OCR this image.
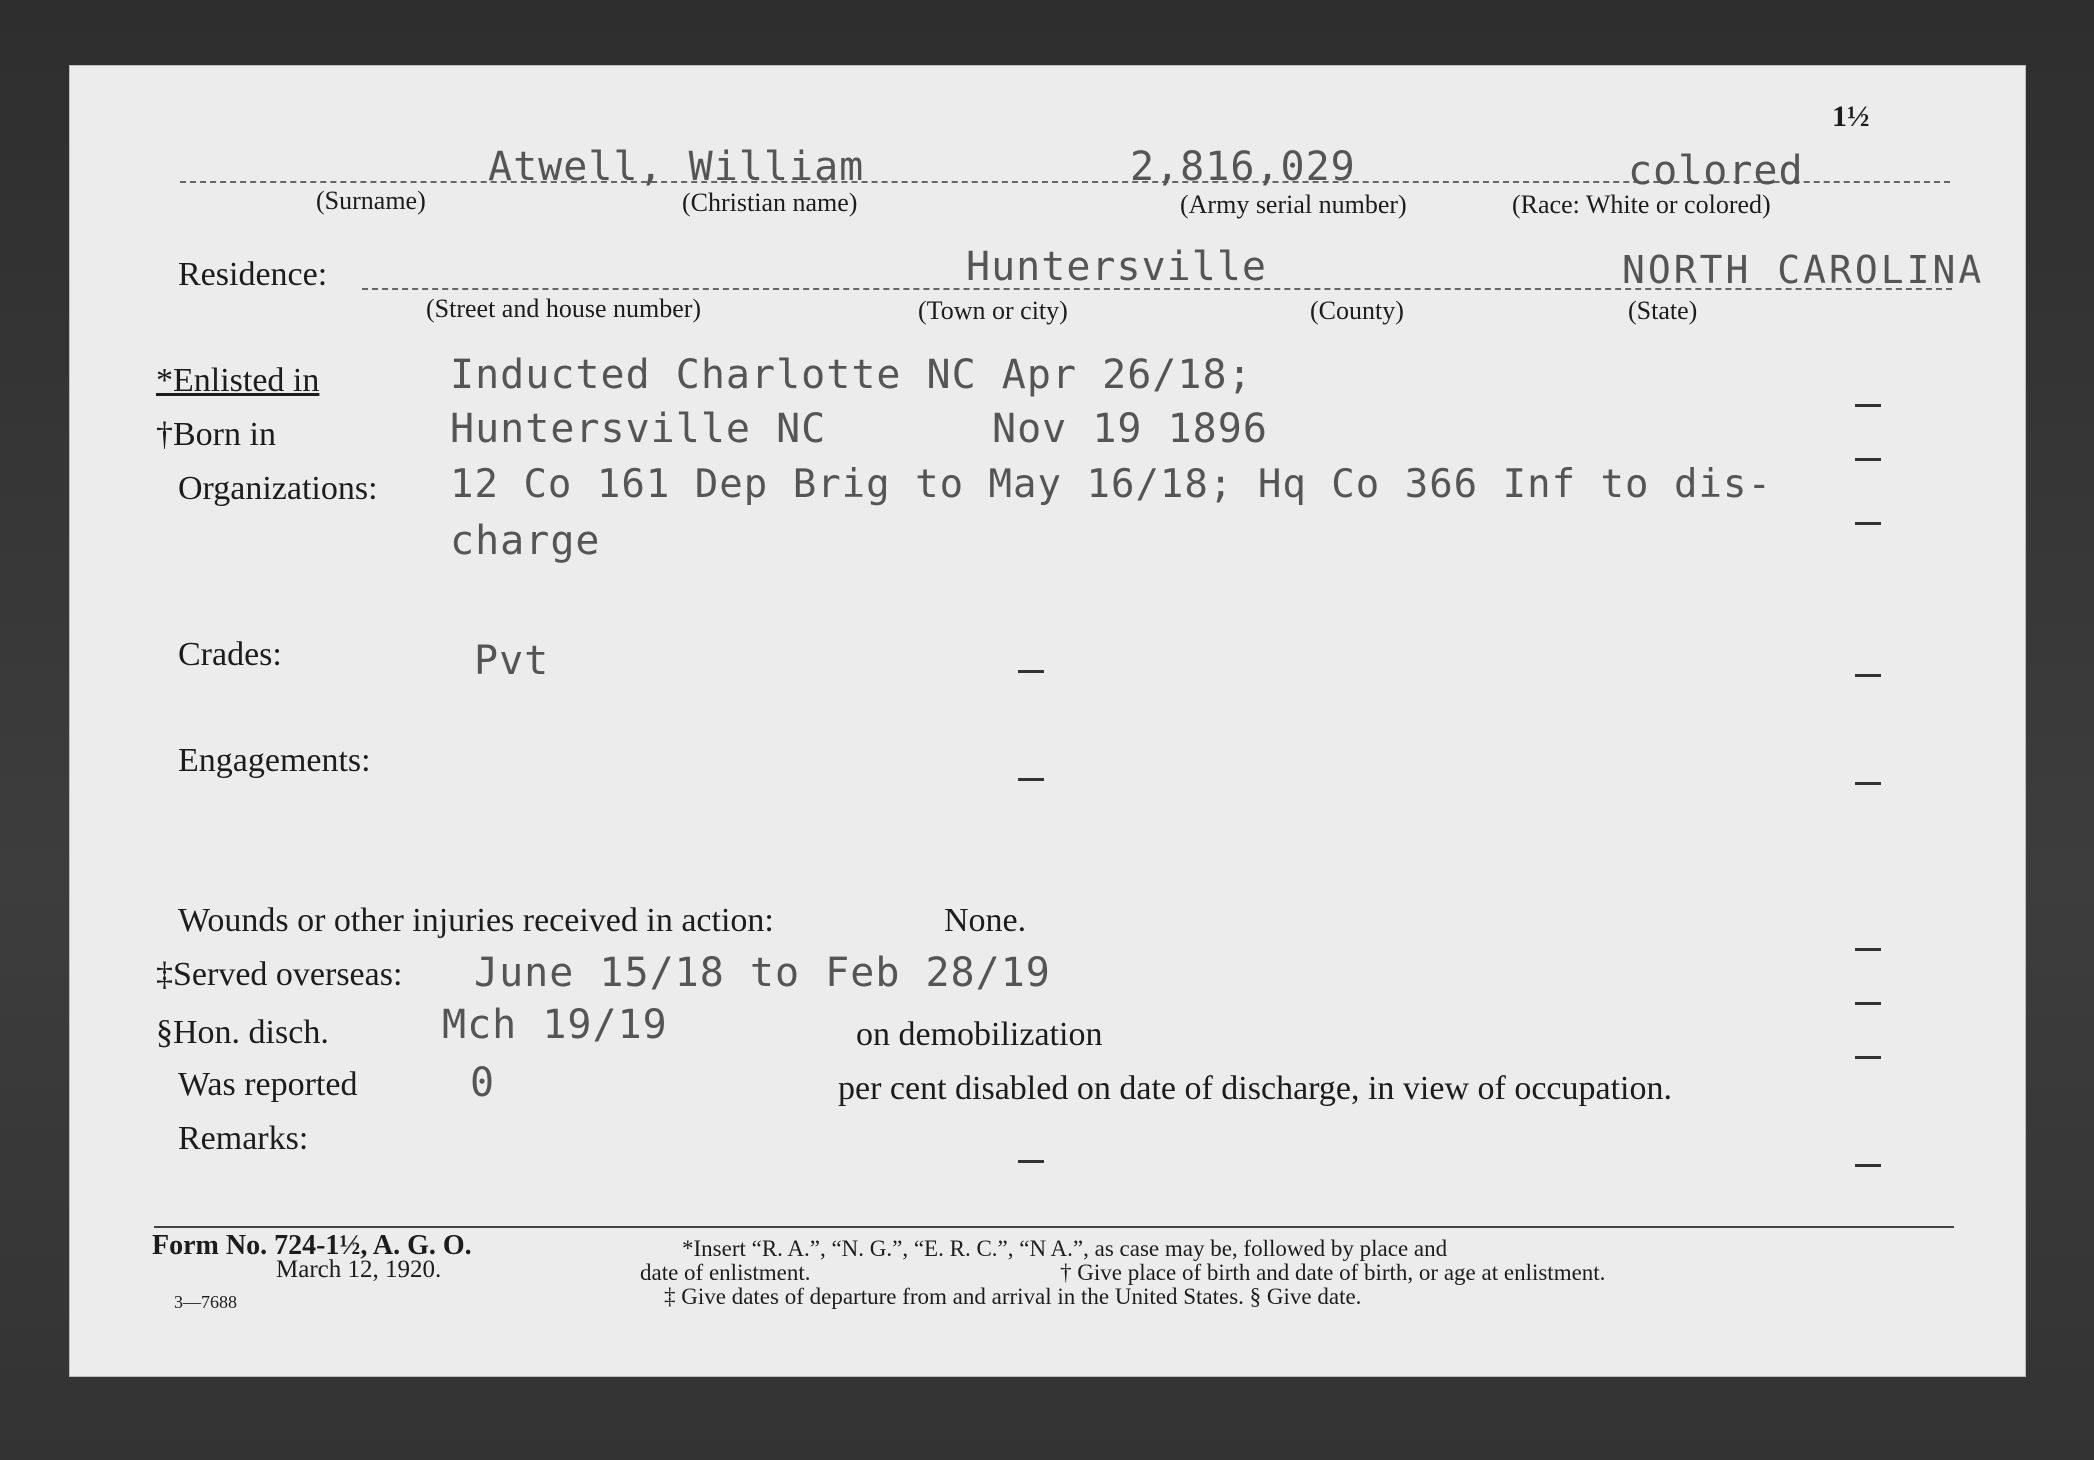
1½
Atwell, William	2,816,029	colored
(Surname)	(Christian name)	(Army serial number)	(Race: White or colored)
Residence:	Huntersville	NORTH CAROLINA
(Street and house number)	(Town or city)	(County)	(State)
*Enlisted in	Inducted Charlotte NC Apr 26/18;
†Born in	Huntersville NC	Nov 19 1896
Organizations: 12 Co 161 Dep Brig to May 16/18; Hq Co 366 Inf to dis-
charge
Crades:	Pvt
Engagements:
Wounds or other injuries received in action:	None.
‡Served overseas: June 15/18 to Feb 28/19
§Hon. disch.	Mch 19/19	on demobilization
Was reported	0	per cent disabled on date of discharge, in view of occupation.
Remarks:
Form No. 724-1½, A. G. O.
March 12, 1920.
3—7688
*Insert “R. A.”, “N. G.”, “E. R. C.”, “N A.”, as case may be, followed by place and
date of enlistment.	† Give place of birth and date of birth, or age at enlistment.
‡ Give dates of departure from and arrival in the United States. § Give date.
